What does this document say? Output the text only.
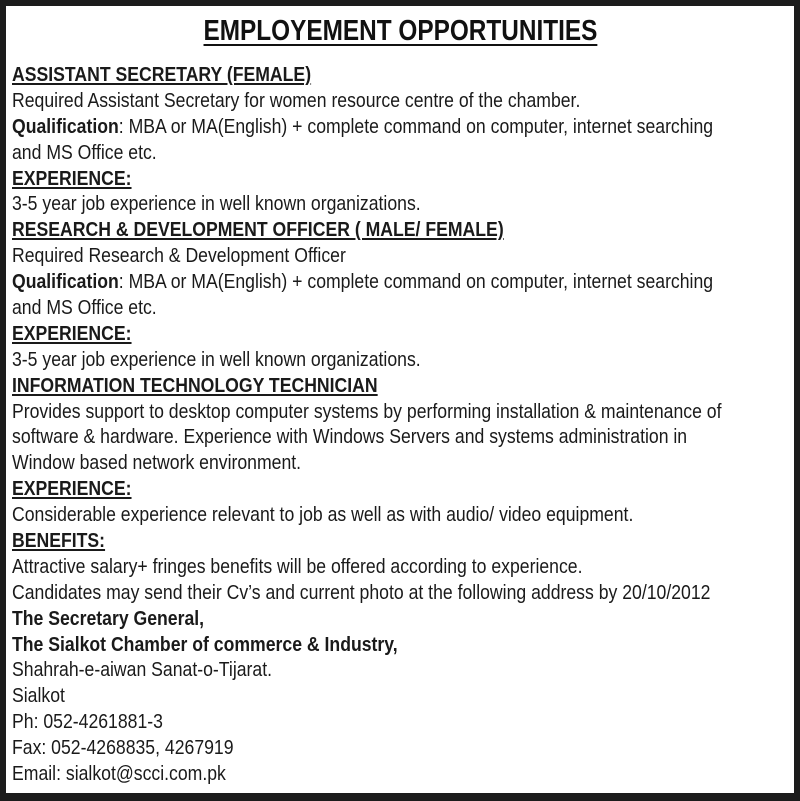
EMPLOYEMENT OPPORTUNITIES
ASSISTANT SECRETARY (FEMALE)
Required Assistant Secretary for women resource centre of the chamber.
Qualification: MBA or MA(English) + complete command on computer, internet searching
and MS Office etc.
EXPERIENCE:
3-5 year job experience in well known organizations.
RESEARCH & DEVELOPMENT OFFICER ( MALE/ FEMALE)
Required Research & Development Officer
Qualification: MBA or MA(English) + complete command on computer, internet searching
and MS Office etc.
EXPERIENCE:
3-5 year job experience in well known organizations.
INFORMATION TECHNOLOGY TECHNICIAN
Provides support to desktop computer systems by performing installation & maintenance of
software & hardware. Experience with Windows Servers and systems administration in
Window based network environment.
EXPERIENCE:
Considerable experience relevant to job as well as with audio/ video equipment.
BENEFITS:
Attractive salary+ fringes benefits will be offered according to experience.
Candidates may send their Cv’s and current photo at the following address by 20/10/2012
The Secretary General,
The Sialkot Chamber of commerce & Industry,
Shahrah-e-aiwan Sanat-o-Tijarat.
Sialkot
Ph: 052-4261881-3
Fax: 052-4268835, 4267919
Email: sialkot@scci.com.pk
